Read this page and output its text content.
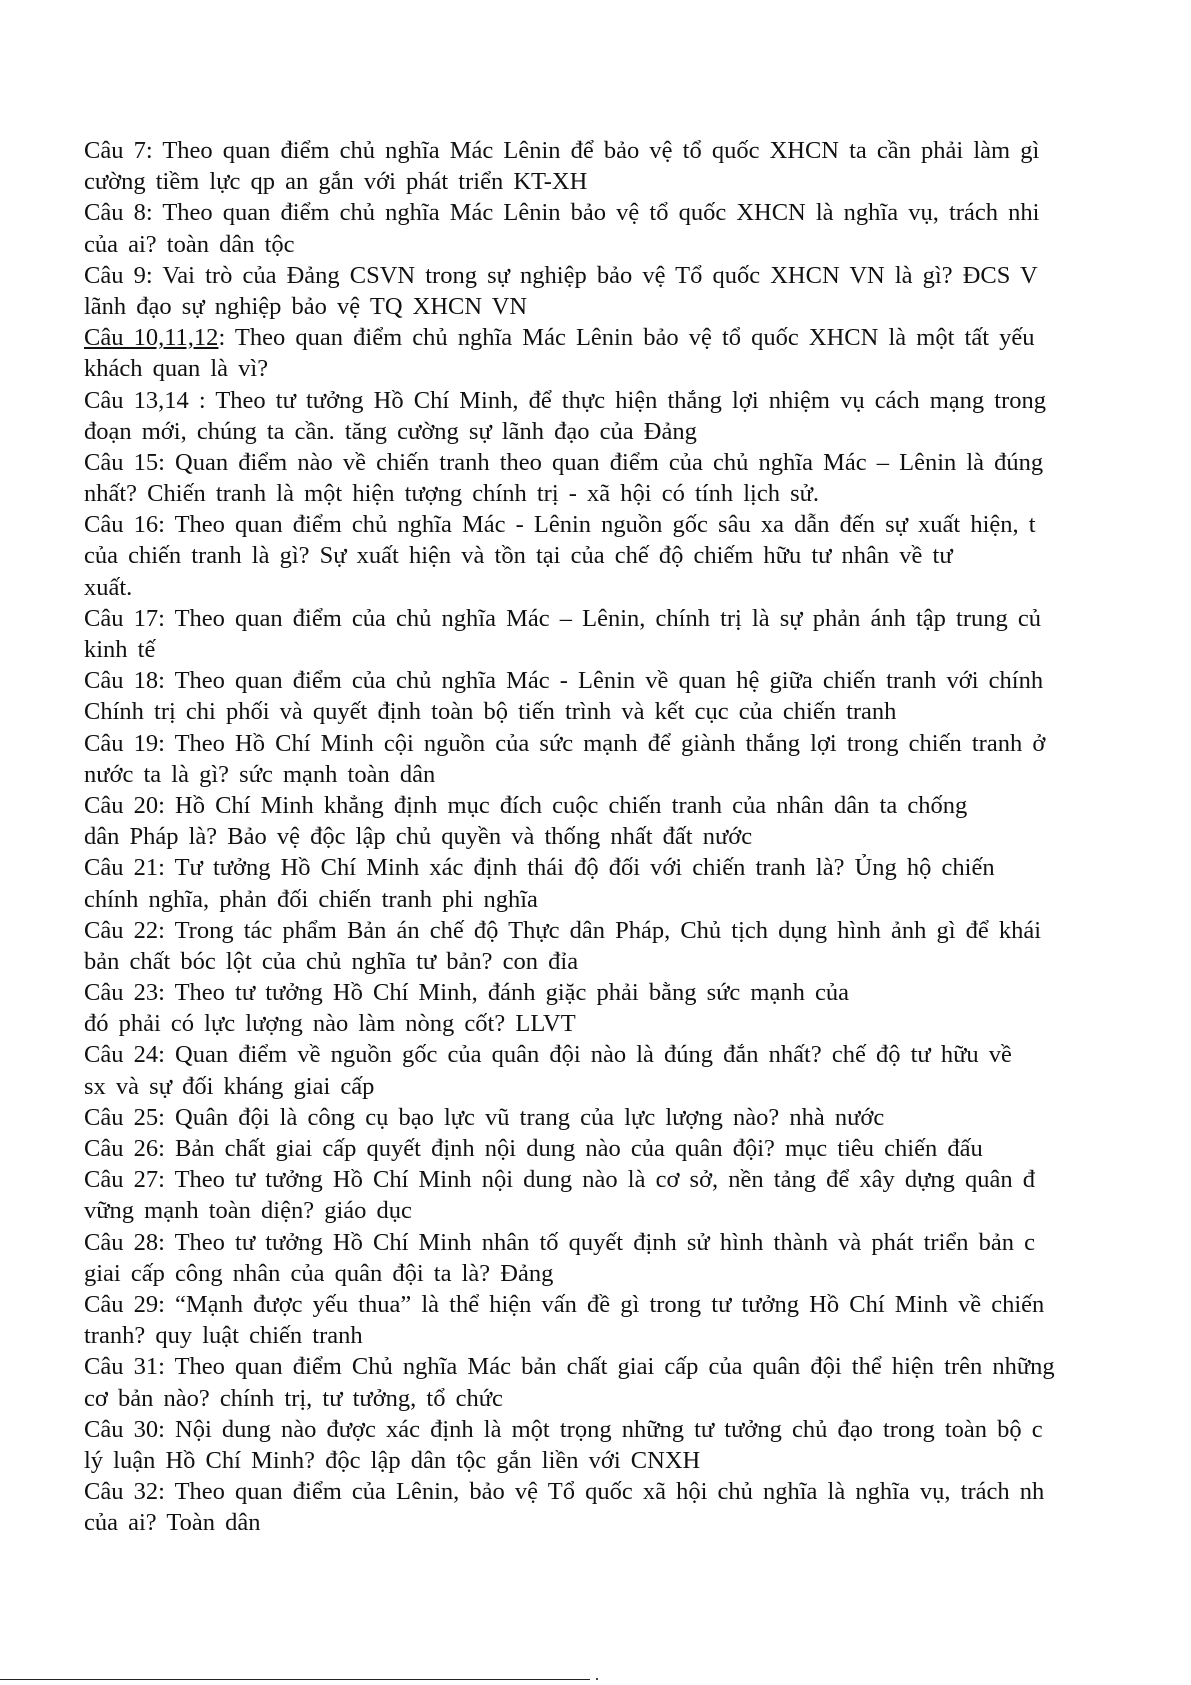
Câu 7: Theo quan điểm chủ nghĩa Mác Lênin để bảo vệ tổ quốc XHCN ta cần phải làm gì
cường tiềm lực qp an gắn với phát triển KT-XH
Câu 8: Theo quan điểm chủ nghĩa Mác Lênin bảo vệ tổ quốc XHCN là nghĩa vụ, trách nhi
của ai? toàn dân tộc
Câu 9: Vai trò của Đảng CSVN trong sự nghiệp bảo vệ Tổ quốc XHCN VN là gì? ĐCS V
lãnh đạo sự nghiệp bảo vệ TQ XHCN VN
Câu 10,11,12: Theo quan điểm chủ nghĩa Mác Lênin bảo vệ tổ quốc XHCN là một tất yếu
khách quan là vì?
Câu 13,14 : Theo tư tưởng Hồ Chí Minh, để thực hiện thắng lợi nhiệm vụ cách mạng trong
đoạn mới, chúng ta cần. tăng cường sự lãnh đạo của Đảng
Câu 15: Quan điểm nào về chiến tranh theo quan điểm của chủ nghĩa Mác – Lênin là đúng
nhất? Chiến tranh là một hiện tượng chính trị - xã hội có tính lịch sử.
Câu 16: Theo quan điểm chủ nghĩa Mác - Lênin nguồn gốc sâu xa dẫn đến sự xuất hiện, t
của chiến tranh là gì? Sự xuất hiện và tồn tại của chế độ chiếm hữu tư nhân về tư
xuất.
Câu 17: Theo quan điểm của chủ nghĩa Mác – Lênin, chính trị là sự phản ánh tập trung củ
kinh tế
Câu 18: Theo quan điểm của chủ nghĩa Mác - Lênin về quan hệ giữa chiến tranh với chính
Chính trị chi phối và quyết định toàn bộ tiến trình và kết cục của chiến tranh
Câu 19: Theo Hồ Chí Minh cội nguồn của sức mạnh để giành thắng lợi trong chiến tranh ở
nước ta là gì? sức mạnh toàn dân
Câu 20: Hồ Chí Minh khẳng định mục đích cuộc chiến tranh của nhân dân ta chống
dân Pháp là? Bảo vệ độc lập chủ quyền và thống nhất đất nước
Câu 21: Tư tưởng Hồ Chí Minh xác định thái độ đối với chiến tranh là? Ủng hộ chiến
chính nghĩa, phản đối chiến tranh phi nghĩa
Câu 22: Trong tác phẩm Bản án chế độ Thực dân Pháp, Chủ tịch dụng hình ảnh gì để khái
bản chất bóc lột của chủ nghĩa tư bản? con đỉa
Câu 23: Theo tư tưởng Hồ Chí Minh, đánh giặc phải bằng sức mạnh của
đó phải có lực lượng nào làm nòng cốt? LLVT
Câu 24: Quan điểm về nguồn gốc của quân đội nào là đúng đắn nhất? chế độ tư hữu về
sx và sự đối kháng giai cấp
Câu 25: Quân đội là công cụ bạo lực vũ trang của lực lượng nào? nhà nước
Câu 26: Bản chất giai cấp quyết định nội dung nào của quân đội? mục tiêu chiến đấu
Câu 27: Theo tư tưởng Hồ Chí Minh nội dung nào là cơ sở, nền tảng để xây dựng quân đ
vững mạnh toàn diện? giáo dục
Câu 28: Theo tư tưởng Hồ Chí Minh nhân tố quyết định sử hình thành và phát triển bản c
giai cấp công nhân của quân đội ta là? Đảng
Câu 29: “Mạnh được yếu thua” là thể hiện vấn đề gì trong tư tưởng Hồ Chí Minh về chiến
tranh? quy luật chiến tranh
Câu 31: Theo quan điểm Chủ nghĩa Mác bản chất giai cấp của quân đội thể hiện trên những
cơ bản nào? chính trị, tư tưởng, tổ chức
Câu 30: Nội dung nào được xác định là một trọng những tư tưởng chủ đạo trong toàn bộ c
lý luận Hồ Chí Minh? độc lập dân tộc gắn liền với CNXH
Câu 32: Theo quan điểm của Lênin, bảo vệ Tổ quốc xã hội chủ nghĩa là nghĩa vụ, trách nh
của ai? Toàn dân
